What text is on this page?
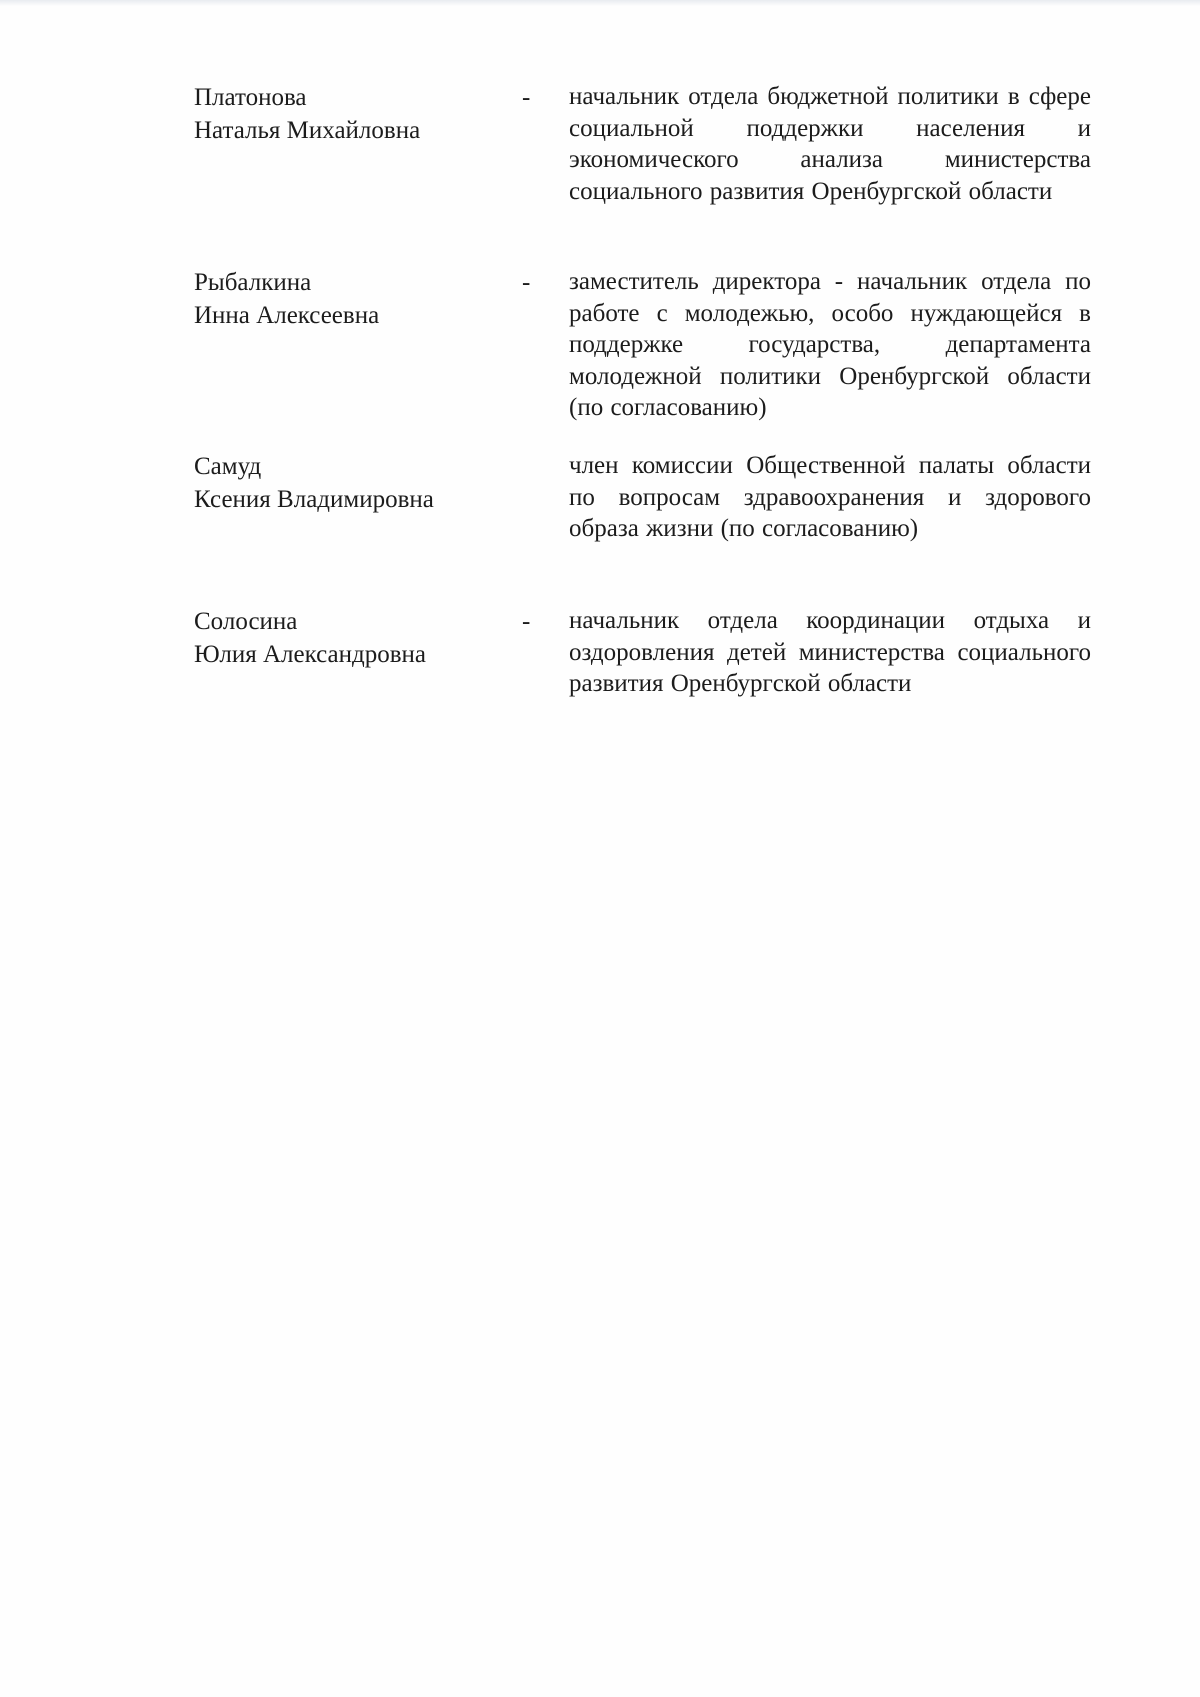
Платонова
Наталья Михайловна
- начальник отдела бюджетной политики в сфере социальной поддержки населения и экономического анализа министерства социального развития Оренбургской области
Рыбалкина
Инна Алексеевна
- заместитель директора - начальник отдела по работе с молодежью, особо нуждающейся в поддержке государства, департамента молодежной политики Оренбургской области (по согласованию)
Самуд
Ксения Владимировна
член комиссии Общественной палаты области по вопросам здравоохранения и здорового образа жизни (по согласованию)
Солосина
Юлия Александровна
- начальник отдела координации отдыха и оздоровления детей министерства социального развития Оренбургской области
